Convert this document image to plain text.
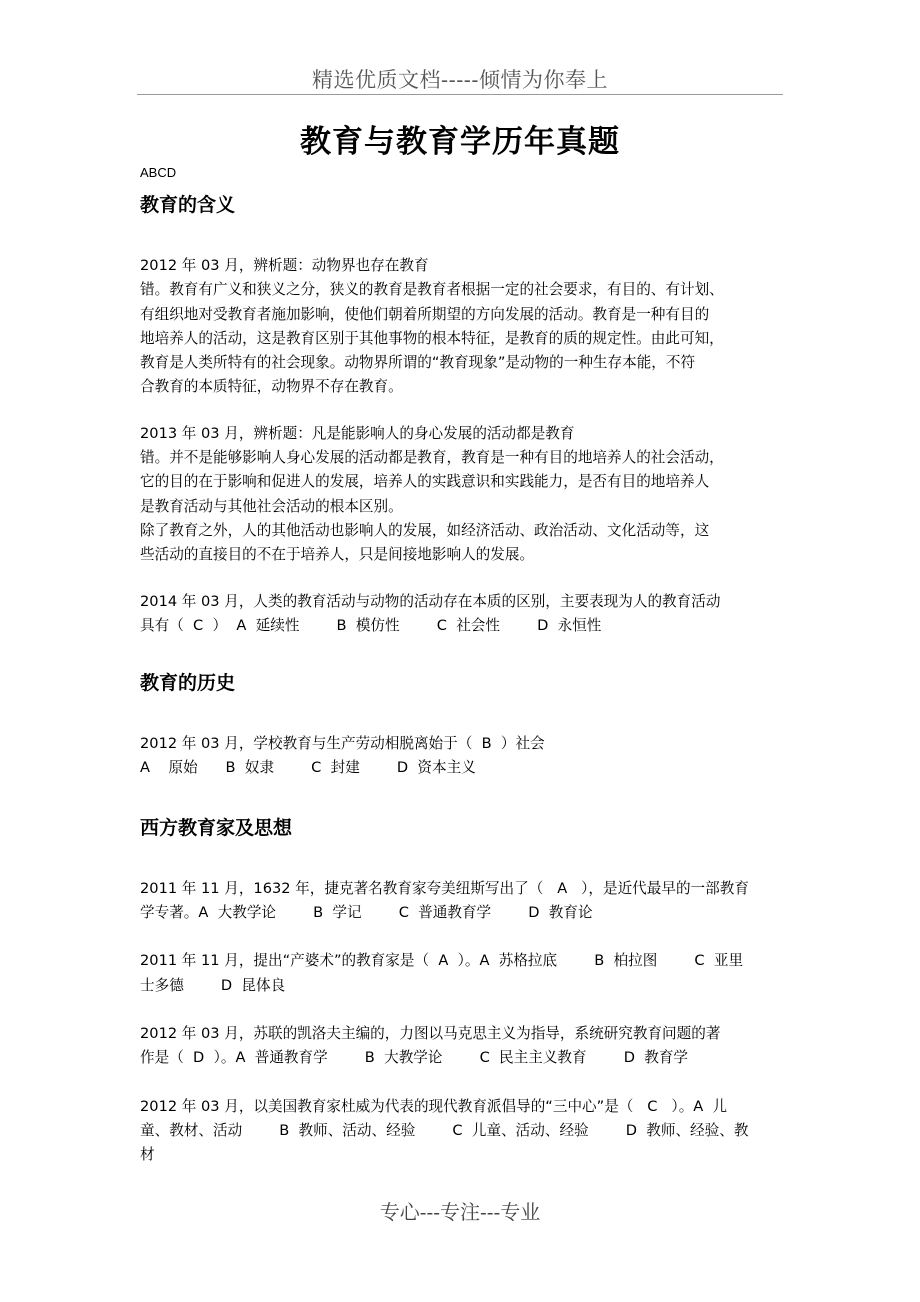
精选优质文档-----倾情为你奉上
教育与教育学历年真题
ABCD
教育的含义
2012 年 03 月，辨析题：动物界也存在教育
错。教育有广义和狭义之分，狭义的教育是教育者根据一定的社会要求，有目的、有计划、
有组织地对受教育者施加影响，使他们朝着所期望的方向发展的活动。教育是一种有目的
地培养人的活动，这是教育区别于其他事物的根本特征，是教育的质的规定性。由此可知，
教育是人类所特有的社会现象。动物界所谓的“教育现象”是动物的一种生存本能，不符
合教育的本质特征，动物界不存在教育。
2013 年 03 月，辨析题：凡是能影响人的身心发展的活动都是教育
错。并不是能够影响人身心发展的活动都是教育，教育是一种有目的地培养人的社会活动，
它的目的在于影响和促进人的发展，培养人的实践意识和实践能力，是否有目的地培养人
是教育活动与其他社会活动的根本区别。
除了教育之外，人的其他活动也影响人的发展，如经济活动、政治活动、文化活动等，这
些活动的直接目的不在于培养人，只是间接地影响人的发展。
2014 年 03 月，人类的教育活动与动物的活动存在本质的区别，主要表现为人的教育活动
具有（  C  ）  A  延续性        B  模仿性        C  社会性        D  永恒性
教育的历史
2012 年 03 月，学校教育与生产劳动相脱离始于（  B  ）社会
A    原始      B  奴隶        C  封建        D  资本主义
西方教育家及思想
2011 年 11 月，1632 年，捷克著名教育家夸美纽斯写出了（   A   ），是近代最早的一部教育
学专著。A  大教学论        B  学记        C  普通教育学        D  教育论
2011 年 11 月，提出“产婆术”的教育家是（  A  ）。A  苏格拉底        B  柏拉图        C  亚里
士多德        D  昆体良
2012 年 03 月，苏联的凯洛夫主编的，力图以马克思主义为指导，系统研究教育问题的著
作是（  D  ）。A  普通教育学        B  大教学论        C  民主主义教育        D  教育学
2012 年 03 月，以美国教育家杜威为代表的现代教育派倡导的“三中心”是（   C   ）。A  儿
童、教材、活动        B  教师、活动、经验        C  儿童、活动、经验        D  教师、经验、教
材
专心---专注---专业
